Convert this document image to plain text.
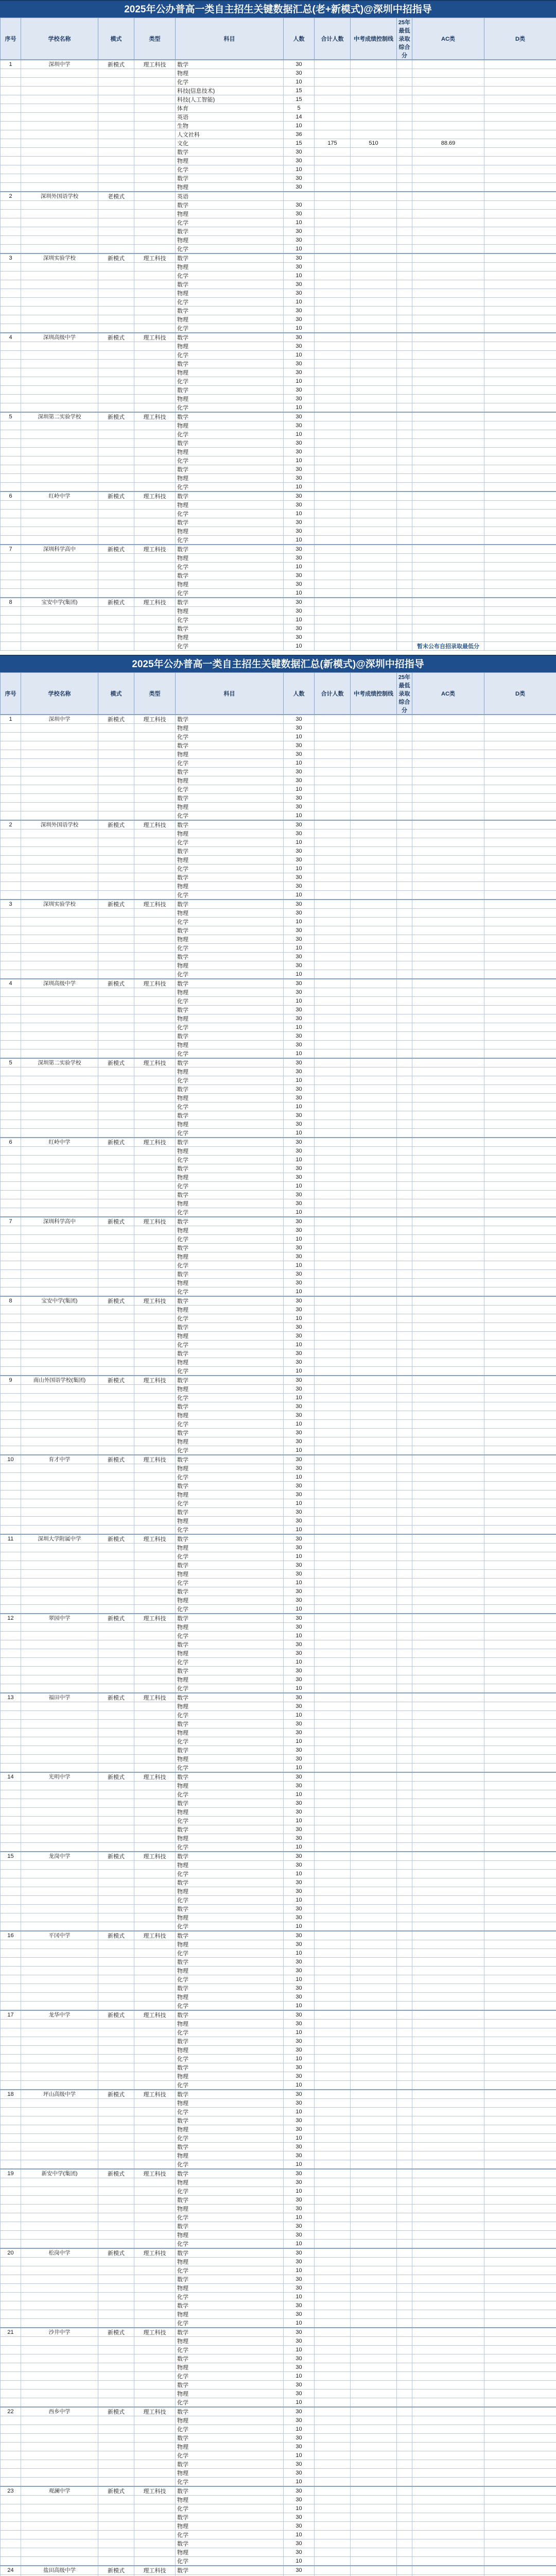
2025年公办普高一类自主招生关键数据汇总(老+新模式)@深圳中招指导
序号	学校名称	模式	类型	科目	人数	合计人数	中考成绩控制线	25年最低录取综合分	AC类	D类
1	深圳中学	新模式	理工科技	数学	30					
				物理	30					
				化学	10					
				科技(信息技术)	15					
				科技(人工智能)	15					
				体育	5					
				英语	14					
				生物	10					
				人文社科	36					
				文化	15	175	510		88.69	
				数学	30					
				物理	30					
				化学	10					
				数学	30					
				物理	30					
2	深圳外国语学校	老模式		英语						
				数学	30					
				物理	30					
				化学	10					
				数学	30					
				物理	30					
				化学	10					
3	深圳实验学校	新模式	理工科技	数学	30					
				物理	30					
				化学	10					
				数学	30					
				物理	30					
				化学	10					
				数学	30					
				物理	30					
				化学	10					
4	深圳高级中学	新模式	理工科技	数学	30					
				物理	30					
				化学	10					
				数学	30					
				物理	30					
				化学	10					
				数学	30					
				物理	30					
				化学	10					
5	深圳第二实验学校	新模式	理工科技	数学	30					
				物理	30					
				化学	10					
				数学	30					
				物理	30					
				化学	10					
				数学	30					
				物理	30					
				化学	10					
6	红岭中学	新模式	理工科技	数学	30					
				物理	30					
				化学	10					
				数学	30					
				物理	30					
				化学	10					
7	深圳科学高中	新模式	理工科技	数学	30					
				物理	30					
				化学	10					
				数学	30					
				物理	30					
				化学	10					
8	宝安中学(集团)	新模式	理工科技	数学	30					
				物理	30					
				化学	10					
				数学	30					
				物理	30					
				化学	10				暂未公布自招录取最低分	
2025年公办普高一类自主招生关键数据汇总(新模式)@深圳中招指导
序号	学校名称	模式	类型	科目	人数	合计人数	中考成绩控制线	25年最低录取综合分	AC类	D类
1	深圳中学	新模式	理工科技	数学	30					
				物理	30					
				化学	10					
				数学	30					
				物理	30					
				化学	10					
				数学	30					
				物理	30					
				化学	10					
				数学	30					
				物理	30					
				化学	10					
2	深圳外国语学校	新模式	理工科技	数学	30					
				物理	30					
				化学	10					
				数学	30					
				物理	30					
				化学	10					
				数学	30					
				物理	30					
				化学	10					
3	深圳实验学校	新模式	理工科技	数学	30					
				物理	30					
				化学	10					
				数学	30					
				物理	30					
				化学	10					
				数学	30					
				物理	30					
				化学	10					
4	深圳高级中学	新模式	理工科技	数学	30					
				物理	30					
				化学	10					
				数学	30					
				物理	30					
				化学	10					
				数学	30					
				物理	30					
				化学	10					
5	深圳第二实验学校	新模式	理工科技	数学	30					
				物理	30					
				化学	10					
				数学	30					
				物理	30					
				化学	10					
				数学	30					
				物理	30					
				化学	10					
6	红岭中学	新模式	理工科技	数学	30					
				物理	30					
				化学	10					
				数学	30					
				物理	30					
				化学	10					
				数学	30					
				物理	30					
				化学	10					
7	深圳科学高中	新模式	理工科技	数学	30					
				物理	30					
				化学	10					
				数学	30					
				物理	30					
				化学	10					
				数学	30					
				物理	30					
				化学	10					
8	宝安中学(集团)	新模式	理工科技	数学	30					
				物理	30					
				化学	10					
				数学	30					
				物理	30					
				化学	10					
				数学	30					
				物理	30					
				化学	10					
9	南山外国语学校(集团)	新模式	理工科技	数学	30					
				物理	30					
				化学	10					
				数学	30					
				物理	30					
				化学	10					
				数学	30					
				物理	30					
				化学	10					
10	育才中学	新模式	理工科技	数学	30					
				物理	30					
				化学	10					
				数学	30					
				物理	30					
				化学	10					
				数学	30					
				物理	30					
				化学	10					
11	深圳大学附属中学	新模式	理工科技	数学	30					
				物理	30					
				化学	10					
				数学	30					
				物理	30					
				化学	10					
				数学	30					
				物理	30					
				化学	10					
12	翠园中学	新模式	理工科技	数学	30					
				物理	30					
				化学	10					
				数学	30					
				物理	30					
				化学	10					
				数学	30					
				物理	30					
				化学	10					
13	福田中学	新模式	理工科技	数学	30					
				物理	30					
				化学	10					
				数学	30					
				物理	30					
				化学	10					
				数学	30					
				物理	30					
				化学	10					
14	光明中学	新模式	理工科技	数学	30					
				物理	30					
				化学	10					
				数学	30					
				物理	30					
				化学	10					
				数学	30					
				物理	30					
				化学	10					
15	龙岗中学	新模式	理工科技	数学	30					
				物理	30					
				化学	10					
				数学	30					
				物理	30					
				化学	10					
				数学	30					
				物理	30					
				化学	10					
16	平冈中学	新模式	理工科技	数学	30					
				物理	30					
				化学	10					
				数学	30					
				物理	30					
				化学	10					
				数学	30					
				物理	30					
				化学	10					
17	龙华中学	新模式	理工科技	数学	30					
				物理	30					
				化学	10					
				数学	30					
				物理	30					
				化学	10					
				数学	30					
				物理	30					
				化学	10					
18	坪山高级中学	新模式	理工科技	数学	30					
				物理	30					
				化学	10					
				数学	30					
				物理	30					
				化学	10					
				数学	30					
				物理	30					
				化学	10					
19	新安中学(集团)	新模式	理工科技	数学	30					
				物理	30					
				化学	10					
				数学	30					
				物理	30					
				化学	10					
				数学	30					
				物理	30					
				化学	10					
20	松岗中学	新模式	理工科技	数学	30					
				物理	30					
				化学	10					
				数学	30					
				物理	30					
				化学	10					
				数学	30					
				物理	30					
				化学	10					
21	沙井中学	新模式	理工科技	数学	30					
				物理	30					
				化学	10					
				数学	30					
				物理	30					
				化学	10					
				数学	30					
				物理	30					
				化学	10					
22	西乡中学	新模式	理工科技	数学	30					
				物理	30					
				化学	10					
				数学	30					
				物理	30					
				化学	10					
				数学	30					
				物理	30					
				化学	10					
23	观澜中学	新模式	理工科技	数学	30					
				物理	30					
				化学	10					
				数学	30					
				物理	30					
				化学	10					
				数学	30					
				物理	30					
				化学	10					
24	盐田高级中学	新模式	理工科技	数学	30					
